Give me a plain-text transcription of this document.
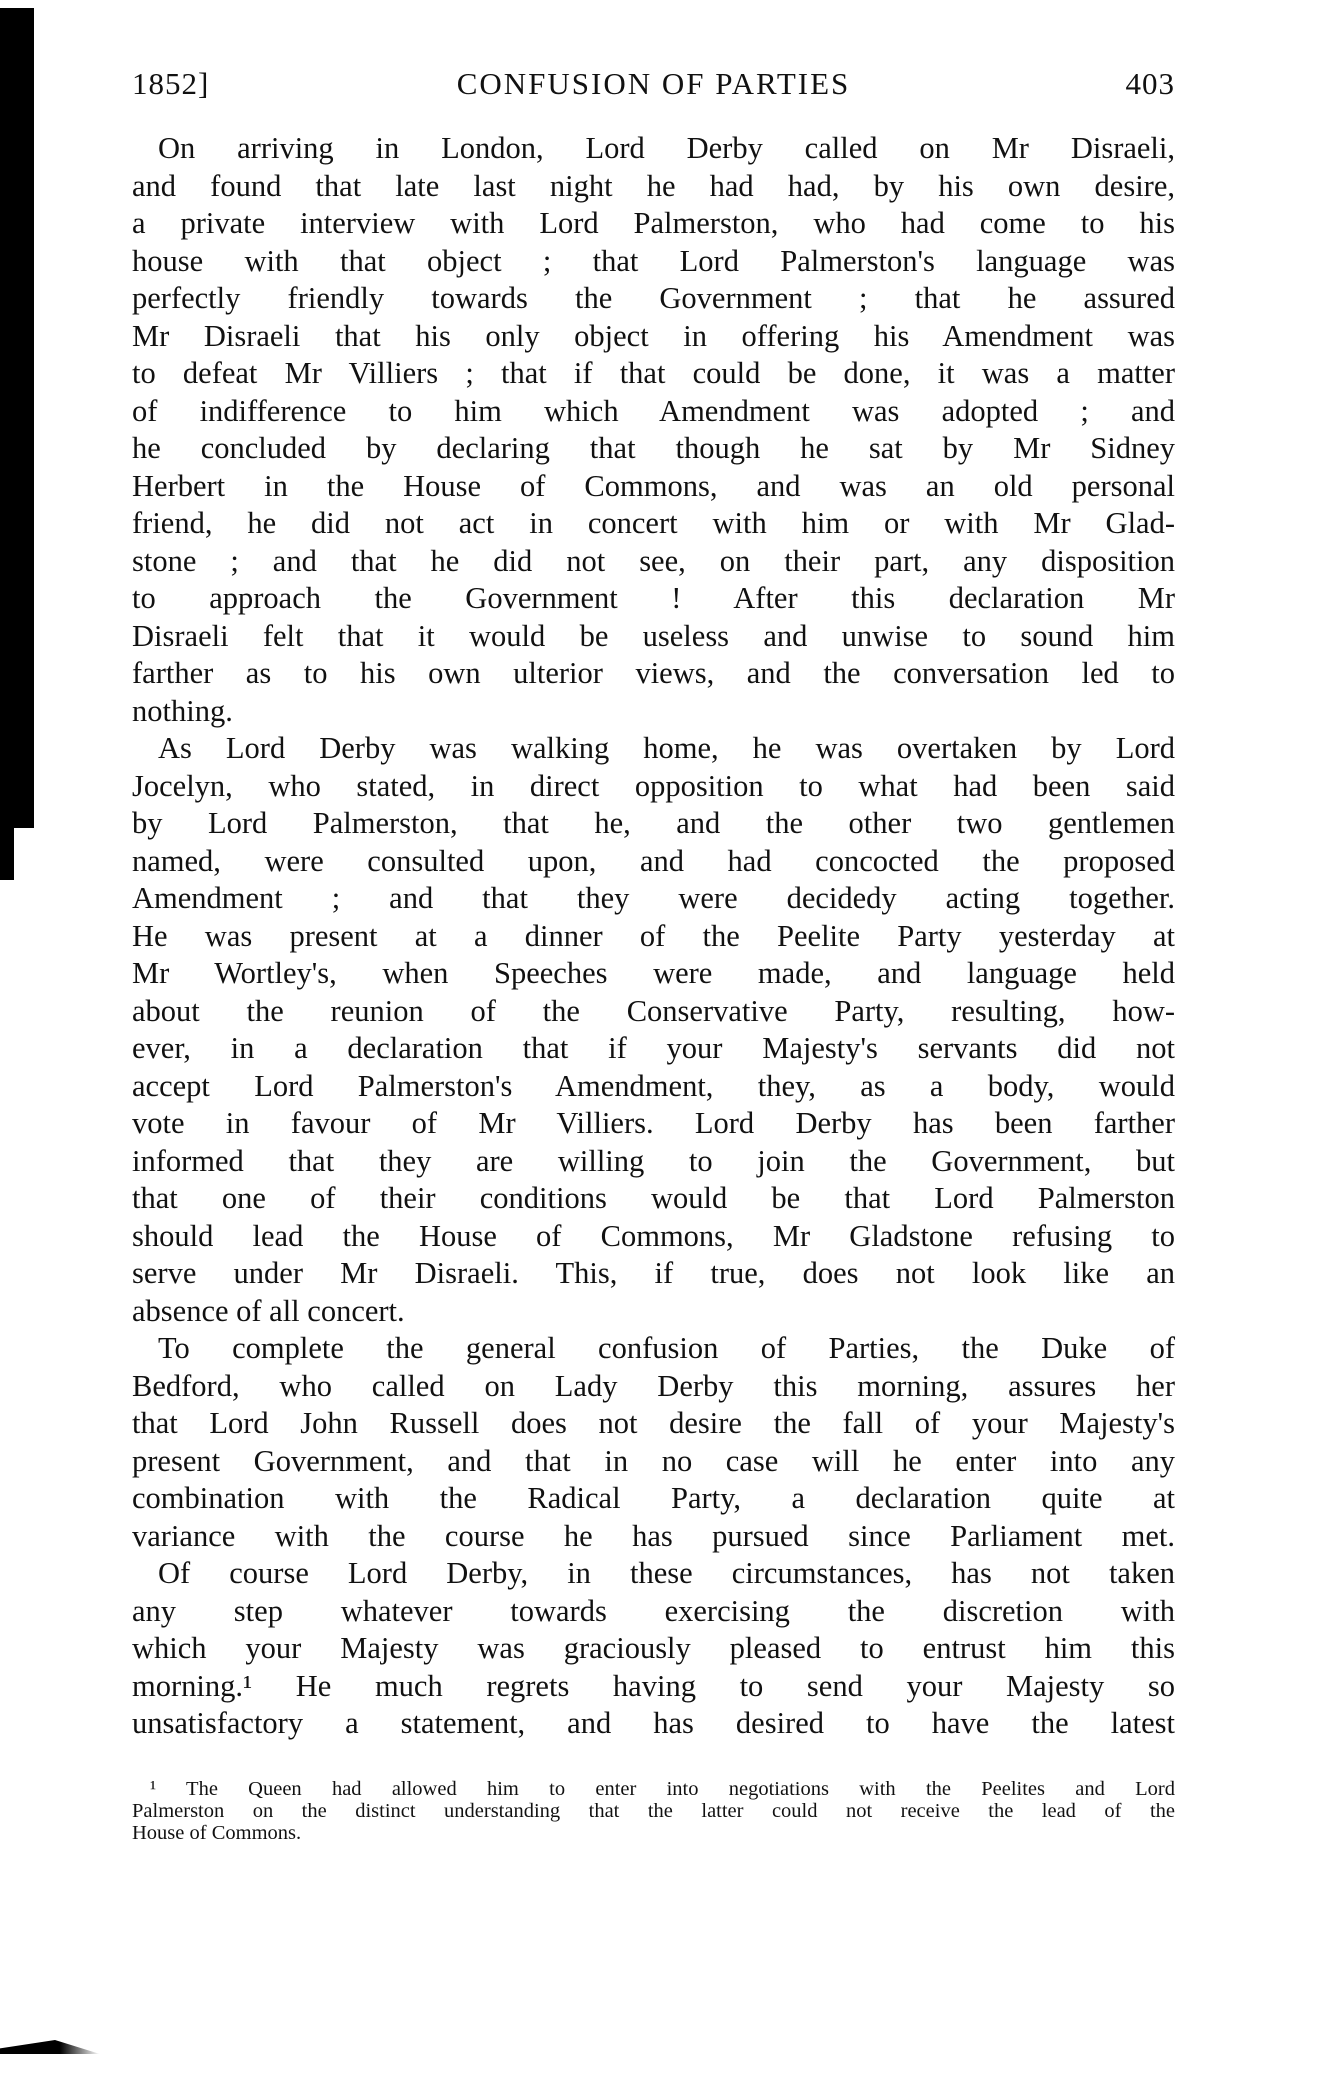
1852]	CONFUSION OF PARTIES	403
On arriving in London, Lord Derby called on Mr Disraeli,
and found that late last night he had had, by his own desire,
a private interview with Lord Palmerston, who had come to his
house with that object ; that Lord Palmerston's language was
perfectly friendly towards the Government ; that he assured
Mr Disraeli that his only object in offering his Amendment was
to defeat Mr Villiers ; that if that could be done, it was a matter
of indifference to him which Amendment was adopted ; and
he concluded by declaring that though he sat by Mr Sidney
Herbert in the House of Commons, and was an old personal
friend, he did not act in concert with him or with Mr Glad-
stone ; and that he did not see, on their part, any disposition
to approach the Government ! After this declaration Mr
Disraeli felt that it would be useless and unwise to sound him
farther as to his own ulterior views, and the conversation led to
nothing.
As Lord Derby was walking home, he was overtaken by Lord
Jocelyn, who stated, in direct opposition to what had been said
by Lord Palmerston, that he, and the other two gentlemen
named, were consulted upon, and had concocted the proposed
Amendment ; and that they were decidedy acting together.
He was present at a dinner of the Peelite Party yesterday at
Mr Wortley's, when Speeches were made, and language held
about the reunion of the Conservative Party, resulting, how-
ever, in a declaration that if your Majesty's servants did not
accept Lord Palmerston's Amendment, they, as a body, would
vote in favour of Mr Villiers. Lord Derby has been farther
informed that they are willing to join the Government, but
that one of their conditions would be that Lord Palmerston
should lead the House of Commons, Mr Gladstone refusing to
serve under Mr Disraeli. This, if true, does not look like an
absence of all concert.
To complete the general confusion of Parties, the Duke of
Bedford, who called on Lady Derby this morning, assures her
that Lord John Russell does not desire the fall of your Majesty's
present Government, and that in no case will he enter into any
combination with the Radical Party, a declaration quite at
variance with the course he has pursued since Parliament met.
Of course Lord Derby, in these circumstances, has not taken
any step whatever towards exercising the discretion with
which your Majesty was graciously pleased to entrust him this
morning.¹ He much regrets having to send your Majesty so
unsatisfactory a statement, and has desired to have the latest
¹ The Queen had allowed him to enter into negotiations with the Peelites and Lord
Palmerston on the distinct understanding that the latter could not receive the lead of the
House of Commons.
